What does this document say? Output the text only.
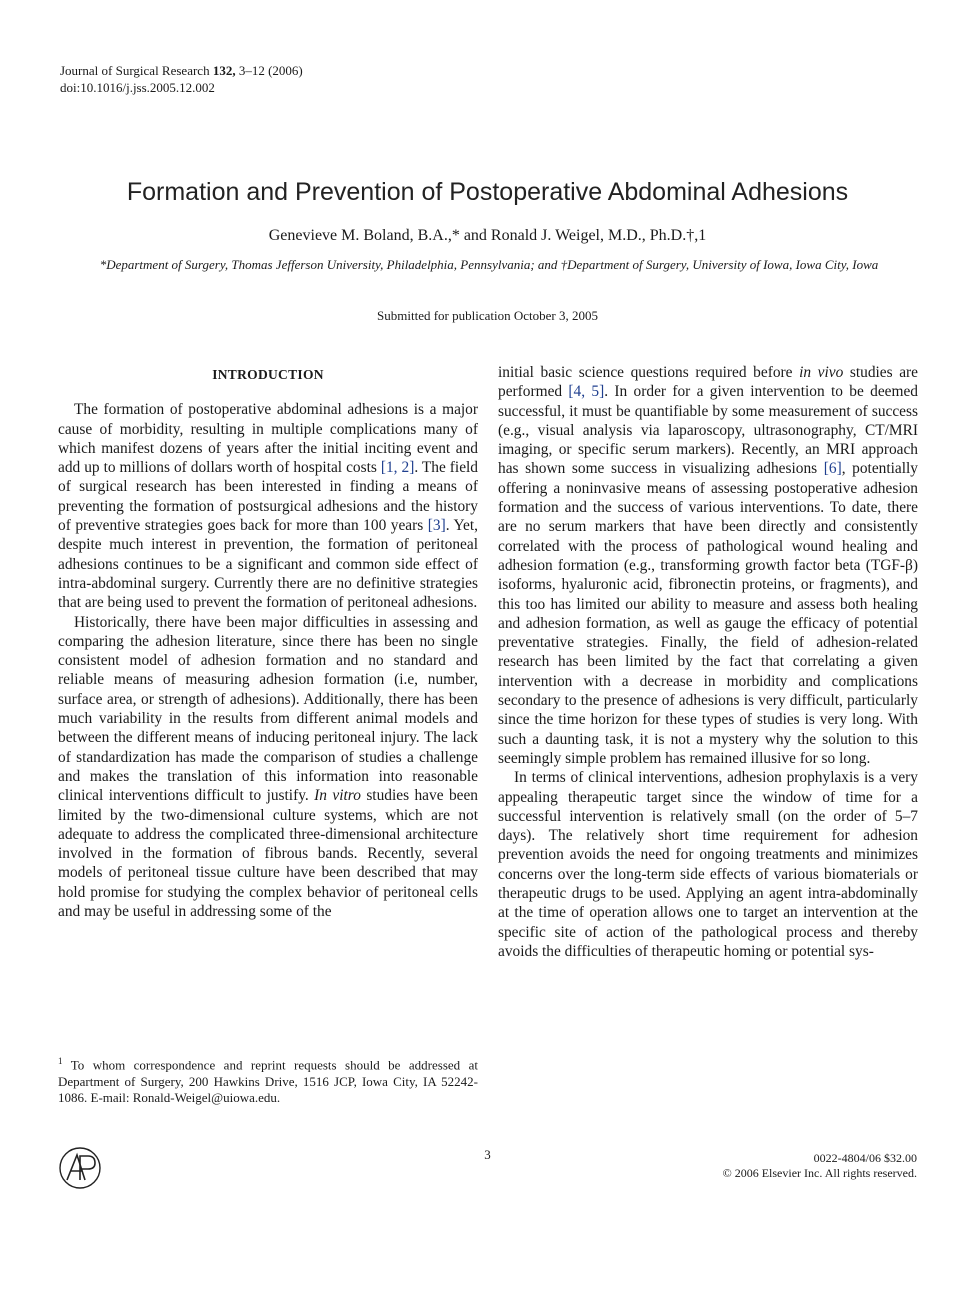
Journal of Surgical Research 132, 3–12 (2006)
doi:10.1016/j.jss.2005.12.002
Formation and Prevention of Postoperative Abdominal Adhesions
Genevieve M. Boland, B.A.,* and Ronald J. Weigel, M.D., Ph.D.†,1
*Department of Surgery, Thomas Jefferson University, Philadelphia, Pennsylvania; and †Department of Surgery, University of Iowa, Iowa City, Iowa
Submitted for publication October 3, 2005
INTRODUCTION

The formation of postoperative abdominal adhesions is a major cause of morbidity, resulting in multiple complications many of which manifest dozens of years after the initial inciting event and add up to millions of dollars worth of hospital costs [1, 2]. The field of surgical research has been interested in finding a means of preventing the formation of postsurgical adhesions and the history of preventive strategies goes back for more than 100 years [3]. Yet, despite much interest in prevention, the formation of peritoneal adhesions continues to be a significant and common side effect of intra-abdominal surgery. Currently there are no definitive strategies that are being used to prevent the formation of peritoneal adhesions.

Historically, there have been major difficulties in assessing and comparing the adhesion literature, since there has been no single consistent model of adhesion formation and no standard and reliable means of measuring adhesion formation (i.e, number, surface area, or strength of adhesions). Additionally, there has been much variability in the results from different animal models and between the different means of inducing peritoneal injury. The lack of standardization has made the comparison of studies a challenge and makes the translation of this information into reasonable clinical interventions difficult to justify. In vitro studies have been limited by the two-dimensional culture systems, which are not adequate to address the complicated three-dimensional architecture involved in the formation of fibrous bands. Recently, several models of peritoneal tissue culture have been described that may hold promise for studying the complex behavior of peritoneal cells and may be useful in addressing some of the

initial basic science questions required before in vivo studies are performed [4, 5]. In order for a given intervention to be deemed successful, it must be quantifiable by some measurement of success (e.g., visual analysis via laparoscopy, ultrasonography, CT/MRI imaging, or specific serum markers). Recently, an MRI approach has shown some success in visualizing adhesions [6], potentially offering a noninvasive means of assessing postoperative adhesion formation and the success of various interventions. To date, there are no serum markers that have been directly and consistently correlated with the process of pathological wound healing and adhesion formation (e.g., transforming growth factor beta (TGF-β) isoforms, hyaluronic acid, fibronectin proteins, or fragments), and this too has limited our ability to measure and assess both healing and adhesion formation, as well as gauge the efficacy of potential preventative strategies. Finally, the field of adhesion-related research has been limited by the fact that correlating a given intervention with a decrease in morbidity and complications secondary to the presence of adhesions is very difficult, particularly since the time horizon for these types of studies is very long. With such a daunting task, it is not a mystery why the solution to this seemingly simple problem has remained illusive for so long.

In terms of clinical interventions, adhesion prophylaxis is a very appealing therapeutic target since the window of time for a successful intervention is relatively small (on the order of 5–7 days). The relatively short time requirement for adhesion prevention avoids the need for ongoing treatments and minimizes concerns over the long-term side effects of various biomaterials or therapeutic drugs to be used. Applying an agent intra-abdominally at the time of operation allows one to target an intervention at the specific site of action of the pathological process and thereby avoids the difficulties of therapeutic homing or potential sys-

$^1$ To whom correspondence and reprint requests should be addressed at Department of Surgery, 200 Hawkins Drive, 1516 JCP, Iowa City, IA 52242-1086. E-mail: Ronald-Weigel@uiowa.edu.
3	0022-4804/06 $32.00
© 2006 Elsevier Inc. All rights reserved.
